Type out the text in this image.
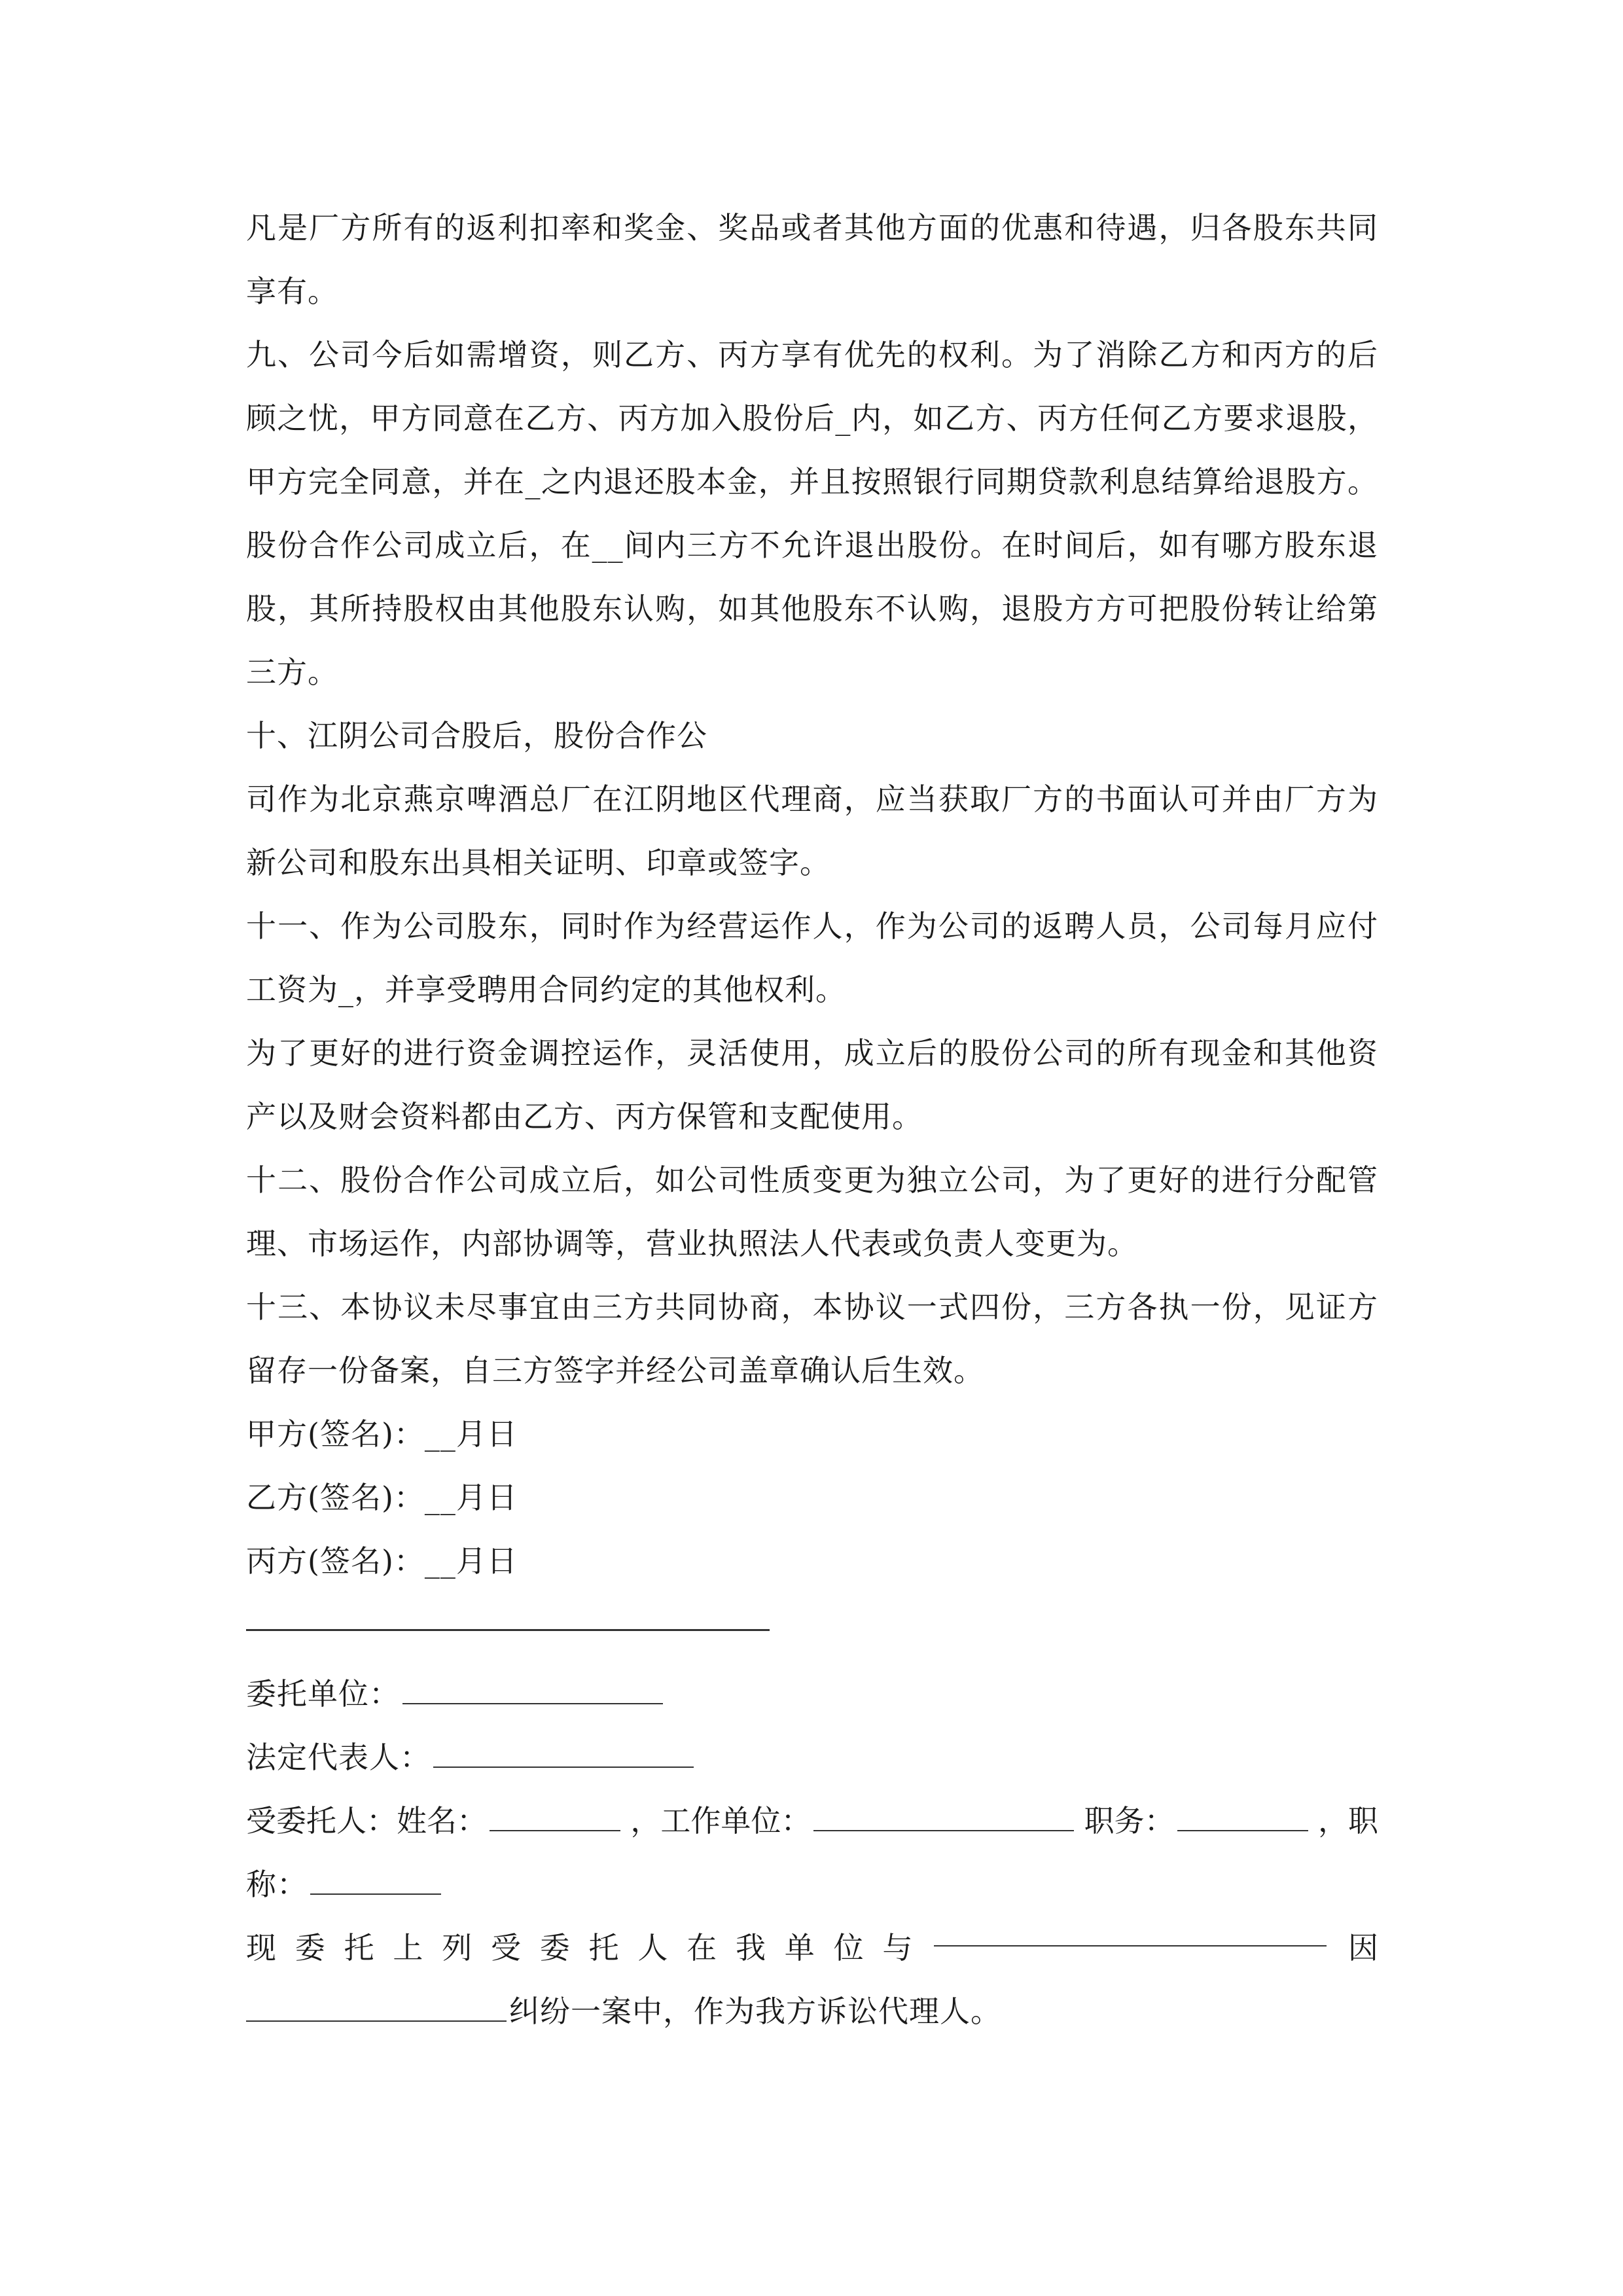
凡是厂方所有的返利扣率和奖金、奖品或者其他方面的优惠和待遇，归各股东共同享有。

九、公司今后如需增资，则乙方、丙方享有优先的权利。为了消除乙方和丙方的后顾之忧，甲方同意在乙方、丙方加入股份后_内，如乙方、丙方任何乙方要求退股，甲方完全同意，并在_之内退还股本金，并且按照银行同期贷款利息结算给退股方。股份合作公司成立后，在__间内三方不允许退出股份。在时间后，如有哪方股东退股，其所持股权由其他股东认购，如其他股东不认购，退股方方可把股份转让给第三方。

十、江阴公司合股后，股份合作公

司作为北京燕京啤酒总厂在江阴地区代理商，应当获取厂方的书面认可并由厂方为新公司和股东出具相关证明、印章或签字。

十一、作为公司股东，同时作为经营运作人，作为公司的返聘人员，公司每月应付工资为_，并享受聘用合同约定的其他权利。

为了更好的进行资金调控运作，灵活使用，成立后的股份公司的所有现金和其他资产以及财会资料都由乙方、丙方保管和支配使用。

十二、股份合作公司成立后，如公司性质变更为独立公司，为了更好的进行分配管理、市场运作，内部协调等，营业执照法人代表或负责人变更为。

十三、本协议未尽事宜由三方共同协商，本协议一式四份，三方各执一份，见证方留存一份备案，自三方签字并经公司盖章确认后生效。

甲方(签名)：__月日
乙方(签名)：__月日
丙方(签名)：__月日
委托单位：
法定代表人：
受委托人：姓名：	，工作单位：	职务：	，职
称：
现 委 托 上 列 受 委 托 人 在 我 单 位 与	因
纠纷一案中，作为我方诉讼代理人。
